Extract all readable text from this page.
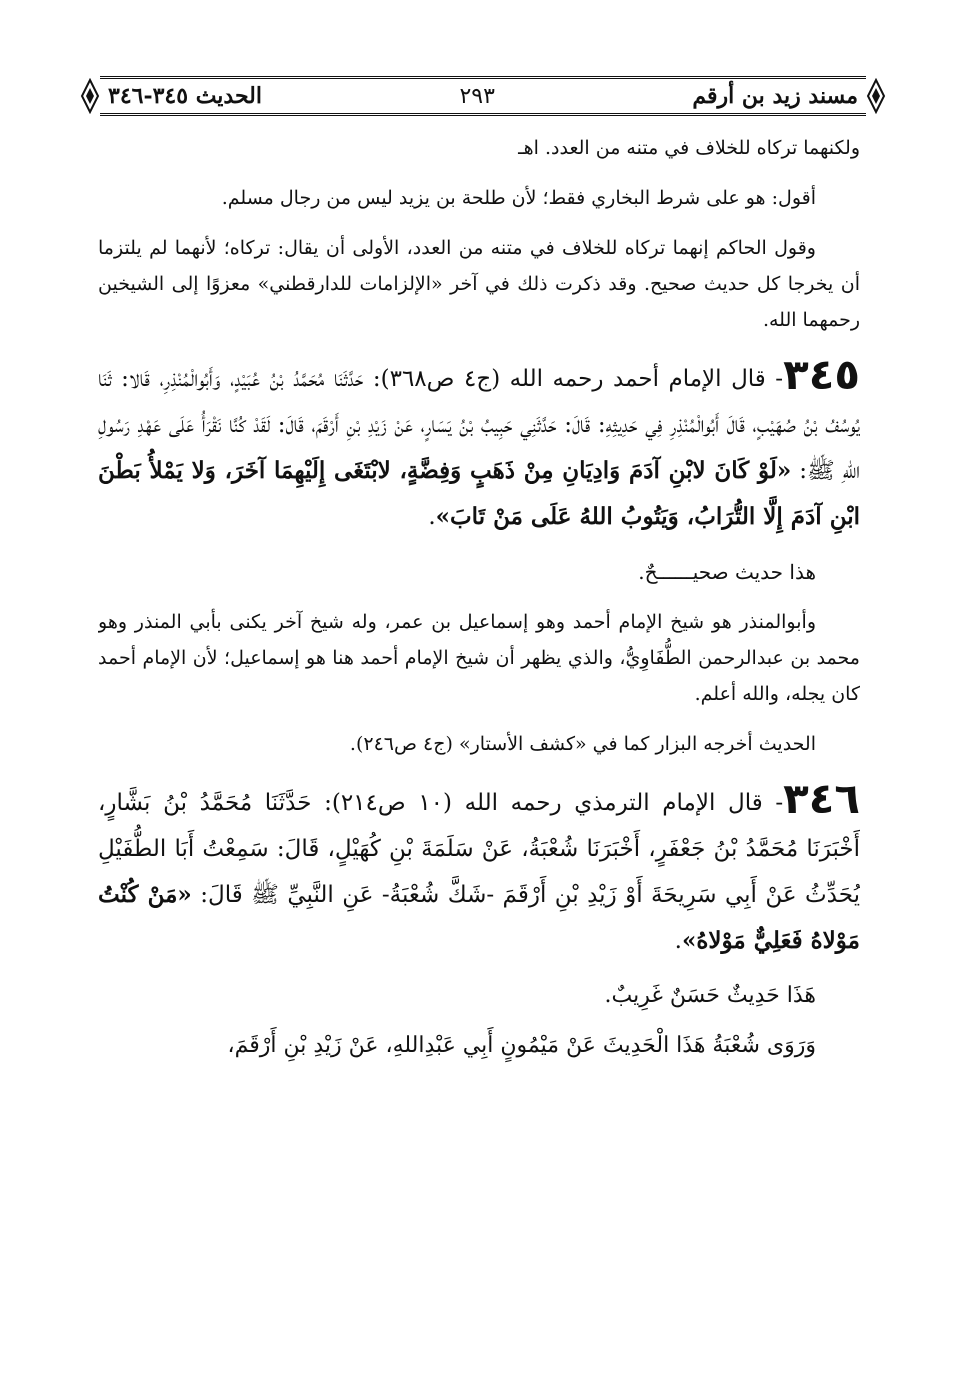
مسند زيد بن أرقم
٢٩٣
الحديث ٣٤٥-٣٤٦

ولكنهما تركاه للخلاف في متنه من العدد. اهـ

أقول: هو على شرط البخاري فقط؛ لأن طلحة بن يزيد ليس من رجال مسلم.

وقول الحاكم إنهما تركاه للخلاف في متنه من العدد، الأولى أن يقال: تركاه؛ لأنهما لم يلتزما أن يخرجا كل حديث صحيح. وقد ذكرت ذلك في آخر «الإلزامات للدارقطني» معزوًا إلى الشيخين رحمهما الله.

٣٤٥- قال الإمام أحمد رحمه الله (ج٤ ص٣٦٨): حَدَّثَنَا مُحَمَّدُ بْنُ عُبَيْدٍ، وَأَبُوالْمُنْذِرِ، قَالا: ثَنَا يُوسُفُ بْنُ صُهَيْبٍ، قَالَ أَبُوالْمُنْذِرِ فِي حَدِيثِهِ: قَالَ: حَدَّثَنِي حَبِيبُ بْنُ يَسَارٍ، عَنْ زَيْدِ بْنِ أَرْقَمَ، قَالَ: لَقَدْ كُنَّا نَقْرَأُ عَلَى عَهْدِ رَسُولِ اللهِ ﷺ: «لَوْ كَانَ لابْنِ آدَمَ وَادِيَانِ مِنْ ذَهَبٍ وَفِضَّةٍ، لابْتَغَى إِلَيْهِمَا آخَرَ، وَلا يَمْلأُ بَطْنَ ابْنِ آدَمَ إِلَّا التُّرَابُ، وَيَتُوبُ اللهُ عَلَى مَنْ تَابَ».

هذا حديث صحيــــــحٌ.

وأبوالمنذر هو شيخ الإمام أحمد وهو إسماعيل بن عمر، وله شيخ آخر يكنى بأبي المنذر وهو محمد بن عبدالرحمن الطُّفَاوِيُّ، والذي يظهر أن شيخ الإمام أحمد هنا هو إسماعيل؛ لأن الإمام أحمد كان يجله، والله أعلم.

الحديث أخرجه البزار كما في «كشف الأستار» (ج٤ ص٢٤٦).

٣٤٦- قال الإمام الترمذي رحمه الله (١٠ ص٢١٤): حَدَّثَنَا مُحَمَّدُ بْنُ بَشَّارٍ، أَخْبَرَنَا مُحَمَّدُ بْنُ جَعْفَرٍ، أَخْبَرَنَا شُعْبَةُ، عَنْ سَلَمَةَ بْنِ كُهَيْلٍ، قَالَ: سَمِعْتُ أَبَا الطُّفَيْلِ يُحَدِّثُ عَنْ أَبِي سَرِيحَةَ أَوْ زَيْدِ بْنِ أَرْقَمَ -شَكَّ شُعْبَةُ- عَنِ النَّبِيِّ ﷺ قَالَ: «مَنْ كُنْتُ مَوْلاهُ فَعَلِيٌّ مَوْلاهُ».

هَذَا حَدِيثٌ حَسَنٌ غَرِيبٌ.

وَرَوَى شُعْبَةُ هَذَا الْحَدِيثَ عَنْ مَيْمُونٍ أَبِي عَبْدِاللهِ، عَنْ زَيْدِ بْنِ أَرْقَمَ،
